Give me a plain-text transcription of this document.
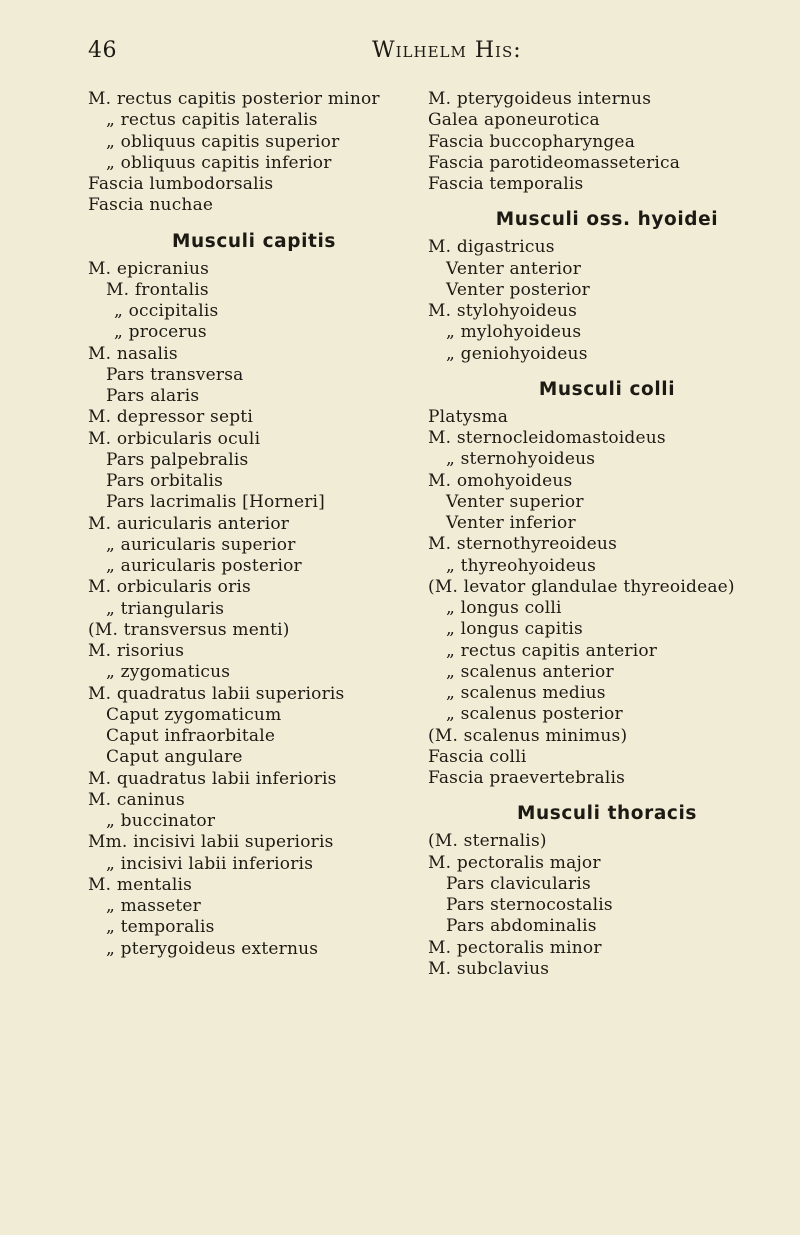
46	Wilhelm His:
M. rectus capitis posterior minor
„ rectus capitis lateralis
„ obliquus capitis superior
„ obliquus capitis inferior
Fascia lumbodorsalis
Fascia nuchae
Musculi capitis
M. epicranius
M. frontalis
„ occipitalis
„ procerus
M. nasalis
Pars transversa
Pars alaris
M. depressor septi
M. orbicularis oculi
Pars palpebralis
Pars orbitalis
Pars lacrimalis [Horneri]
M. auricularis anterior
„ auricularis superior
„ auricularis posterior
M. orbicularis oris
„ triangularis
(M. transversus menti)
M. risorius
„ zygomaticus
M. quadratus labii superioris
Caput zygomaticum
Caput infraorbitale
Caput angulare
M. quadratus labii inferioris
M. caninus
„ buccinator
Mm. incisivi labii superioris
„ incisivi labii inferioris
M. mentalis
„ masseter
„ temporalis
„ pterygoideus externus
M. pterygoideus internus
Galea aponeurotica
Fascia buccopharyngea
Fascia parotideomasseterica
Fascia temporalis
Musculi oss. hyoidei
M. digastricus
Venter anterior
Venter posterior
M. stylohyoideus
„ mylohyoideus
„ geniohyoideus
Musculi colli
Platysma
M. sternocleidomastoideus
„ sternohyoideus
M. omohyoideus
Venter superior
Venter inferior
M. sternothyreoideus
„ thyreohyoideus
(M. levator glandulae thyreoideae)
„ longus colli
„ longus capitis
„ rectus capitis anterior
„ scalenus anterior
„ scalenus medius
„ scalenus posterior
(M. scalenus minimus)
Fascia colli
Fascia praevertebralis
Musculi thoracis
(M. sternalis)
M. pectoralis major
Pars clavicularis
Pars sternocostalis
Pars abdominalis
M. pectoralis minor
M. subclavius
